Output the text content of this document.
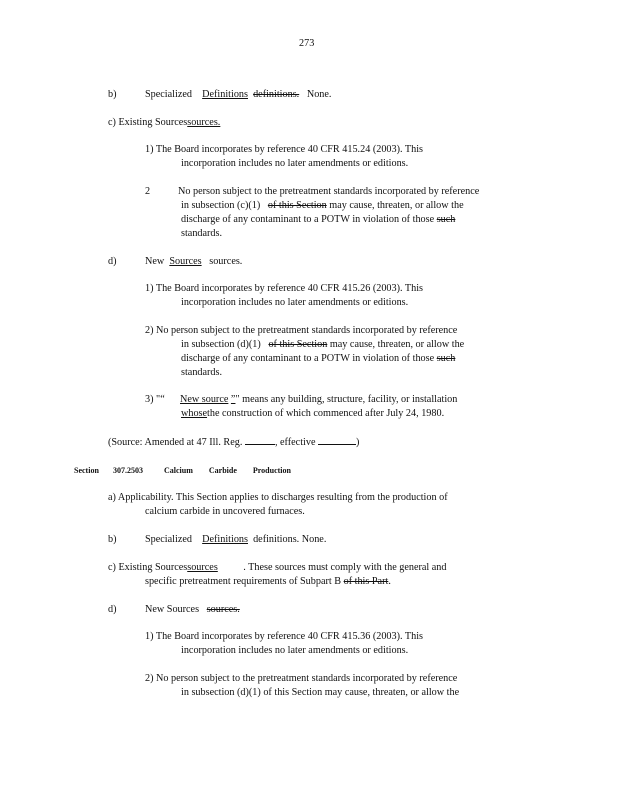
273
b)	Specialized Definitions definitions. None.
c) Existing Sourcessources.
1) The Board incorporates by reference 40 CFR 415.24 (2003). This
incorporation includes no later amendments or editions.
2	No person subject to the pretreatment standards incorporated by reference
in subsection (c)(1) of this Section may cause, threaten, or allow the
discharge of any contaminant to a POTW in violation of those such
standards.
d)	New Sources sources.
1) The Board incorporates by reference 40 CFR 415.26 (2003). This
incorporation includes no later amendments or editions.
2) No person subject to the pretreatment standards incorporated by reference
in subsection (d)(1) of this Section may cause, threaten, or allow the
discharge of any contaminant to a POTW in violation of those such
standards.
3) "“ New source ”" means any building, structure, facility, or installation
whosethe construction of which commenced after July 24, 1980.
(Source: Amended at 47 Ill. Reg.	, effective	)
Section 307.2503	Calcium Carbide Production
a) Applicability. This Section applies to discharges resulting from the production of
calcium carbide in uncovered furnaces.
b)	Specialized Definitions definitions. None.
c) Existing Sourcessources . These sources must comply with the general and
specific pretreatment requirements of Subpart B of this Part.
d)	New Sources sources.
1) The Board incorporates by reference 40 CFR 415.36 (2003). This
incorporation includes no later amendments or editions.
2) No person subject to the pretreatment standards incorporated by reference
in subsection (d)(1) of this Section may cause, threaten, or allow the
